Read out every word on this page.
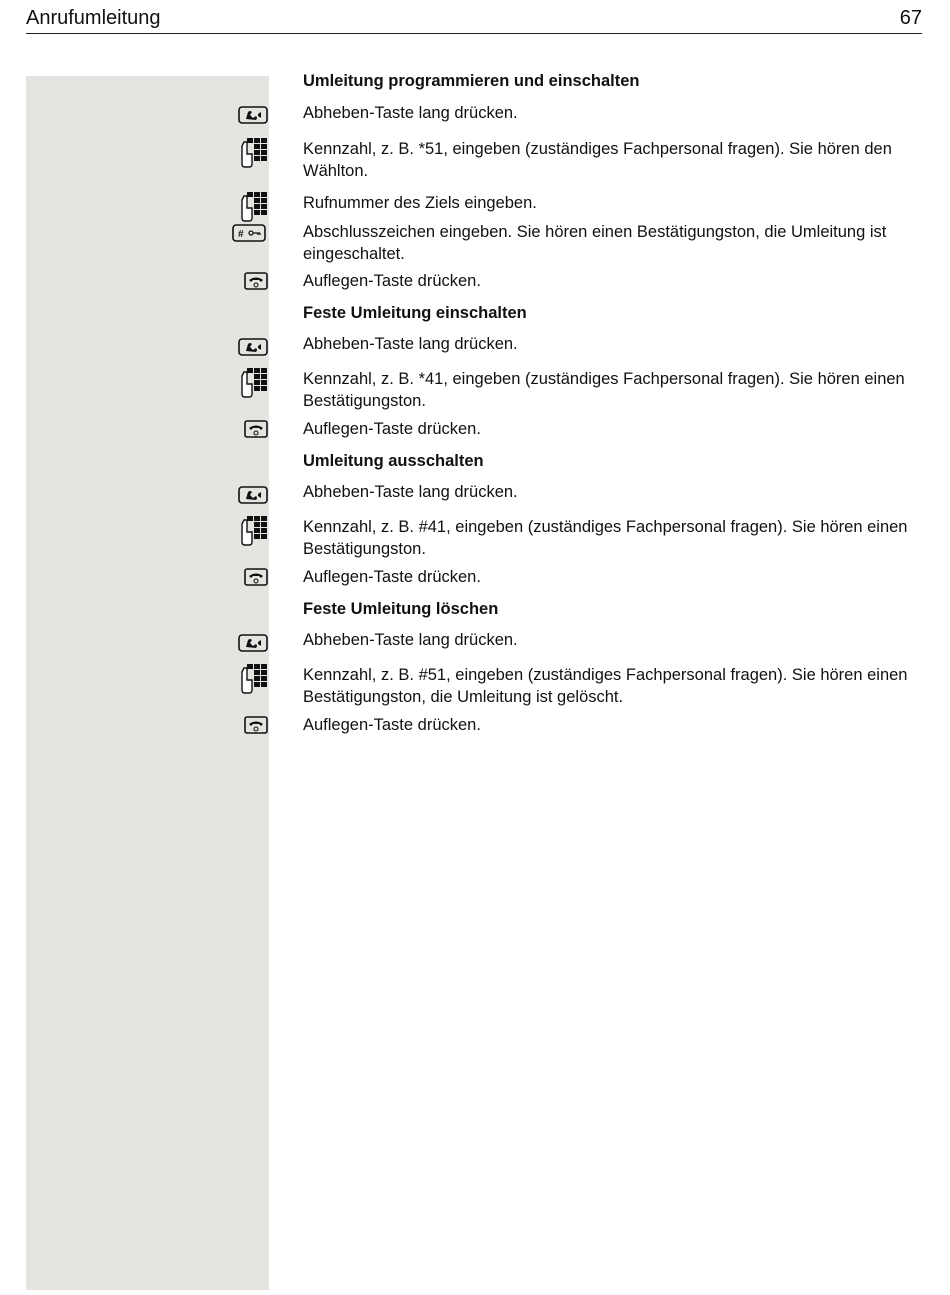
Anrufumleitung	67
Umleitung programmieren und einschalten
Abheben-Taste lang drücken.
Kennzahl, z. B. *51, eingeben (zuständiges Fachpersonal fragen). Sie hören den Wählton.
Rufnummer des Ziels eingeben.
#	Abschlusszeichen eingeben. Sie hören einen Bestätigungston, die Umleitung ist eingeschaltet.
Auflegen-Taste drücken.
Feste Umleitung einschalten
Abheben-Taste lang drücken.
Kennzahl, z. B. *41, eingeben (zuständiges Fachpersonal fragen). Sie hören einen Bestätigungston.
Auflegen-Taste drücken.
Umleitung ausschalten
Abheben-Taste lang drücken.
Kennzahl, z. B. #41, eingeben (zuständiges Fachpersonal fragen). Sie hören einen Bestätigungston.
Auflegen-Taste drücken.
Feste Umleitung löschen
Abheben-Taste lang drücken.
Kennzahl, z. B. #51, eingeben (zuständiges Fachpersonal fragen). Sie hören einen Bestätigungston, die Umleitung ist gelöscht.
Auflegen-Taste drücken.
